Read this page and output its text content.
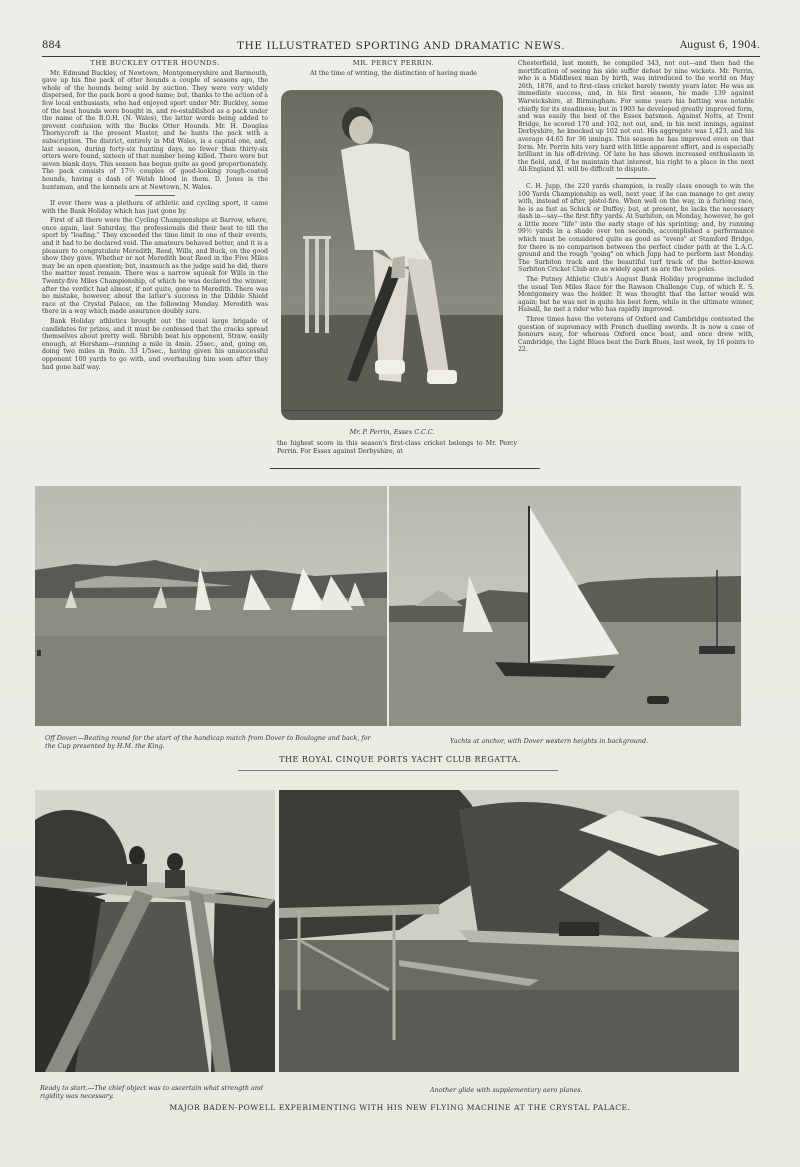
884	THE ILLUSTRATED SPORTING AND DRAMATIC NEWS.	August 6, 1904.

THE BUCKLEY OTTER HOUNDS.

Mr. Edmund Buckley, of Newtown, Montgomeryshire and Barmouth, gave up his fine pack of otter hounds a couple of seasons ago, the whole of the hounds being sold by auction. They were very widely dispersed, for the pack bore a good name; but, thanks to the action of a few local enthusiasts, who had enjoyed sport under Mr. Buckley, some of the best hounds were bought in, and re-established as a pack under the name of the B.O.H. (N. Wales), the latter words being added to prevent confusion with the Bucks Otter Hounds. Mr. H. Douglas Thornycroft is the present Master, and he hunts the pack with a subscription. The district, entirely in Mid Wales, is a capital one, and, last season, during forty-six hunting days, no fewer than thirty-six otters were found, sixteen of that number being killed. There were but seven blank days. This season has begun quite as good proportionately. The pack consists of 17½ couples of good-looking rough-coated hounds, having a dash of Welsh blood in them. D. Jones is the huntsman, and the kennels are at Newtown, N. Wales.

If ever there was a plethora of athletic and cycling sport, it came with the Bank Holiday which has just gone by.

First of all there were the Cycling Championships at Barrow, where, once again, last Saturday, the professionals did their best to till the sport by "loafing." They exceeded the time limit in one of their events, and it had to be declared void. The amateurs behaved better, and it is a pleasure to congratulate Meredith, Reed, Wills, and Buck, on the good show they gave. Whether or not Meredith beat Reed in the Five Miles may be an open question; but, inasmuch as the judge said he did, there the matter must remain. There was a narrow squeak for Wills in the Twenty-five Miles Championship, of which he was declared the winner, after the verdict had almost, if not quite, gone to Meredith. There was no mistake, however, about the latter's success in the Dibble Shield race at the Crystal Palace, on the following Monday. Meredith was there in a way which made assurance doubly sure.

Bank Holiday athletics brought out the usual large brigade of candidates for prizes, and it must be confessed that the cracks spread themselves about pretty well. Shrubb beat his opponent, Straw, easily enough, at Hersham—running a mile in 4min. 25sec., and, going on, doing two miles in 9min. 33 1/5sec., having given his unsuccessful opponent 100 yards to go with, and overhauling him soon after they had gone half way.

MR. PERCY PERRIN.

At the time of writing, the distinction of having made

Mr. P. Perrin, Essex C.C.C.

the highest score in this season's first-class cricket belongs to Mr. Percy Perrin. For Essex against Derbyshire, at

Chesterfield, last month, he compiled 343, not out—and then had the mortification of seeing his side suffer defeat by nine wickets. Mr. Perrin, who is a Middlesex man by birth, was introduced to the world on May 26th, 1876, and to first-class cricket barely twenty years later. He was an immediate success, and, in his first season, he made 139 against Warwickshire, at Birmingham. For some years his batting was notable chiefly for its steadiness; but in 1903 he developed greatly improved form, and was easily the best of the Essex batsmen. Against Notts, at Trent Bridge, he scored 170 and 102, not out, and, in his next innings, against Derbyshire, he knocked up 102 not out. His aggregate was 1,423, and his average 44.65 for 36 innings. This season he has improved even on that form. Mr. Perrin hits very hard with little apparent effort, and is especially brilliant in his off-driving. Of late he has shown increased enthusiasm in the field, and, if he maintain that interest, his right to a place in the next All-England XI. will be difficult to dispute.

C. H. Jupp, the 220 yards champion, is really class enough to win the 100 Yards Championship as well, next year, if he can manage to get away with, instead of after, pistol-fire. When well on the way, in a furlong race, he is as fast as Schick or Duffey; but, at present, he lacks the necessary dash in—say—the first fifty yards. At Surbiton, on Monday, however, he got a little more "life" into the early stage of his sprinting; and, by running 99½ yards in a shade over ten seconds, accomplished a performance which must be considered quite as good as "evens" at Stamford Bridge, for there is no comparison between the perfect cinder path at the L.A.C. ground and the rough "going" on which Jupp had to perform last Monday. The Surbiton track and the beautiful turf track of the better-known Surbiton Cricket Club are as widely apart as are the two poles.

The Putney Athletic Club's August Bank Holiday programme included the usual Ten Miles Race for the Rawson Challenge Cup, of which E. S. Montgomery was the holder. It was thought that the latter would win again; but he was not in quite his best form, while in the ultimate winner, Halsall, he met a rider who has rapidly improved.

Three times have the veterans of Oxford and Cambridge contested the question of supremacy with French duelling swords. It is now a case of honours easy, for whereas Oxford once beat, and once drew with, Cambridge, the Light Blues beat the Dark Blues, last week, by 16 points to 22.

Off Dover.—Beating round for the start of the handicap match from Dover to Boulogne and back, for the Cup presented by H.M. the King.
Yachts at anchor, with Dover western heights in background.
THE ROYAL CINQUE PORTS YACHT CLUB REGATTA.
Ready to start.—The chief object was to ascertain what strength and rigidity was necessary.
Another glide with supplementary aero planes.
MAJOR BADEN-POWELL EXPERIMENTING WITH HIS NEW FLYING MACHINE AT THE CRYSTAL PALACE.
